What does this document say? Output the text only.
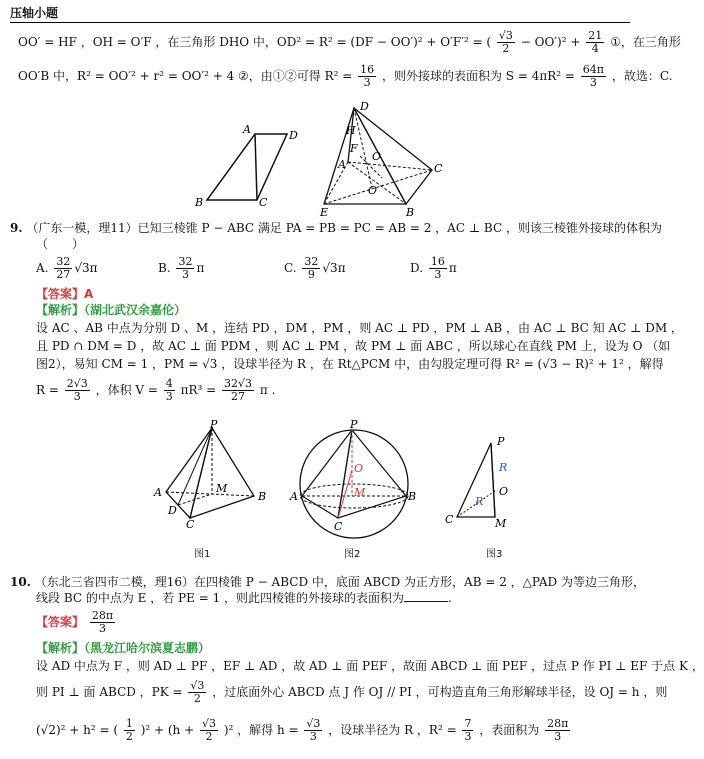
压轴小题
OO′ = HF ，OH = O′F ，在三角形 DHO 中，OD² = R² = (DF − OO′)² + O′F′² = ( $\frac{√3}{2} - OO')^2 + \frac{21}{4}$ ①，在三角形
OO′B 中，R² = OO′² + r² = OO′² + 4 ②，由①②可得 $R^2 = \frac{16}{3}$ ，则外接球的表面积为 $S = 4\pi R^2 = \frac{64\pi}{3}$ ，故选：C.
A	D
B	C
D
H
F
A
O
O
C
E	B
9. （广东一模，理11）已知三棱锥 P − ABC 满足 PA = PB = PC = AB = 2 ，AC ⊥ BC ，则该三棱锥外接球的体积为
（　　）
A. $\frac{32}{27} √3\pi$	B. $\frac{32}{3}$ π	C. $\frac{32}{9} √3\pi$	D. $\frac{16}{3}$ π
【答案】A
【解析】（湖北武汉余嘉伦）
设 AC 、AB 中点为分别 D 、M ，连结 PD ，DM ，PM ，则 AC ⊥ PD ，PM ⊥ AB ，由 AC ⊥ BC 知 AC ⊥ DM ，
且 PD ∩ DM = D ，故 AC ⊥ 面 PDM ，则 AC ⊥ PM ，故 PM ⊥ 面 ABC ，所以球心在直线 PM 上，设为 O （如
图2），易知 CM = 1 ，PM = √3 ，设球半径为 R ，在 Rt△PCM 中，由勾股定理可得 R² = (√3 − R)² + 1² ，解得
$R = \frac{2√3}{3}$ ，体积 $V = \frac{4}{3} \pi R^3 = \frac{32√3}{27}$ π .
P
M
A	B
D
C
图1
P
O
M
A	B
C
图2
P
R
O
R
C	M
图3
10. （东北三省四市二模，理16）在四棱锥 P − ABCD 中，底面 ABCD 为正方形，AB = 2 ，△PAD 为等边三角形，
线段 BC 的中点为 E ，若 PE = 1 ，则此四棱锥的外接球的表面积为	.
【答案】 $\frac{28\pi}{3}$
【解析】（黑龙江哈尔滨夏志鹏）
设 AD 中点为 F ，则 AD ⊥ PF ，EF ⊥ AD ，故 AD ⊥ 面 PEF ，故面 ABCD ⊥ 面 PEF ，过点 P 作 PI ⊥ EF 于点 K ，
则 PI ⊥ 面 ABCD ，PK = $\frac{√3}{2}$ ，过底面外心 ABCD 点 J 作 OJ // PI ，可构造直角三角形解球半径，设 OJ = h ，则
(√2)² + h² = ( $\frac{1}{2} )^2 + (h + \frac{√3}{2} )^2$ ，解得 $h = \frac{√3}{3}$ ，设球半径为 R ，$R^2 = \frac{7}{3}$ ，表面积为 $\frac{28\pi}{3}$
